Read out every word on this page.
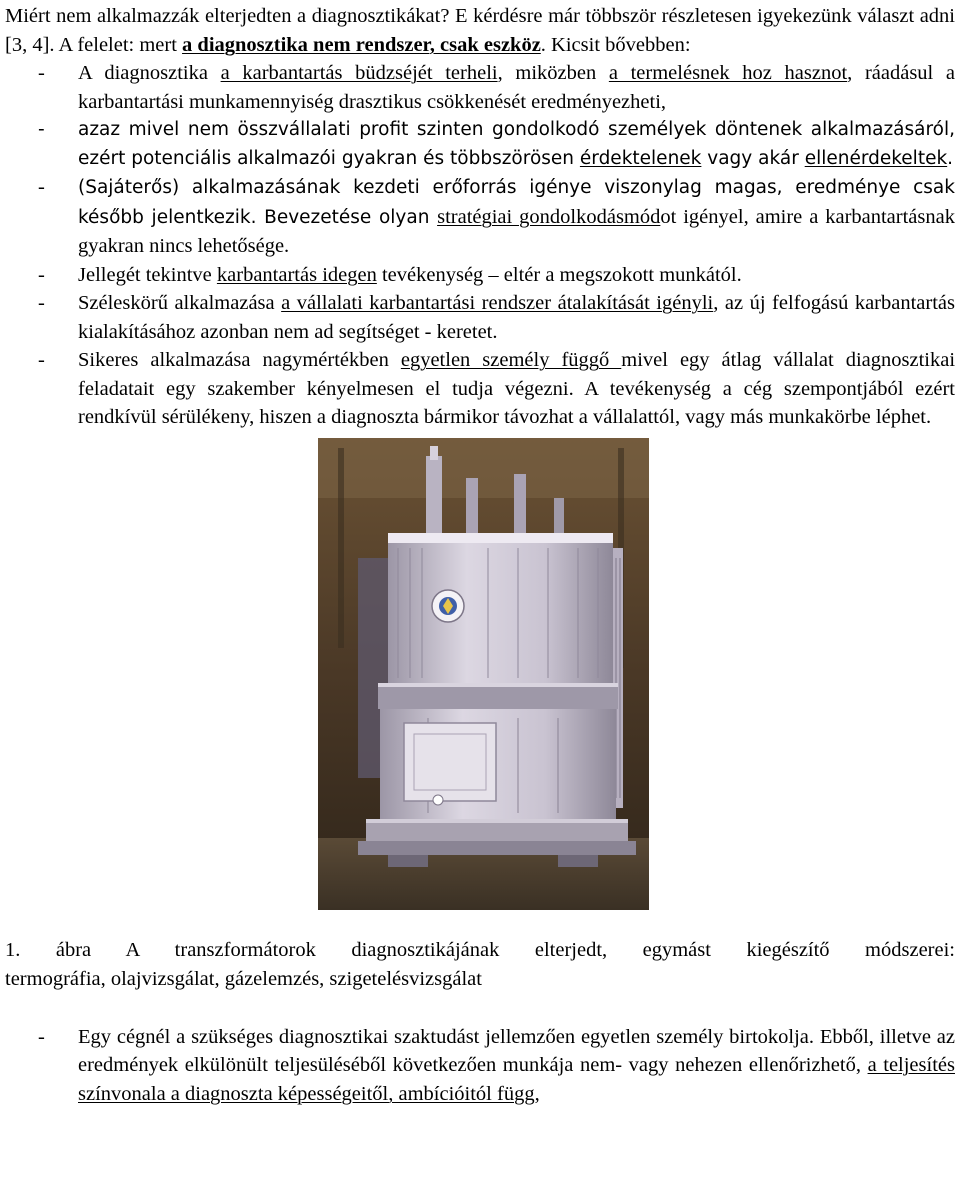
Miért nem alkalmazzák elterjedten a diagnosztikákat? E kérdésre már többször részletesen igyekezünk választ adni [3, 4]. A felelet: mert a diagnosztika nem rendszer, csak eszköz. Kicsit bővebben:

- A diagnosztika a karbantartás büdzséjét terheli, miközben a termelésnek hoz hasznot, ráadásul a karbantartási munkamennyiség drasztikus csökkenését eredményezheti,

- azaz mivel nem összvállalati profit szinten gondolkodó személyek döntenek alkalmazásáról, ezért potenciális alkalmazói gyakran és többszörösen érdektelenek vagy akár ellenérdekeltek.

- (Sajáterős) alkalmazásának kezdeti erőforrás igénye viszonylag magas, eredménye csak később jelentkezik. Bevezetése olyan stratégiai gondolkodásmódot igényel, amire a karbantartásnak gyakran nincs lehetősége.

- Jellegét tekintve karbantartás idegen tevékenység – eltér a megszokott munkától.

- Széleskörű alkalmazása a vállalati karbantartási rendszer átalakítását igényli, az új felfogású karbantartás kialakításához azonban nem ad segítséget - keretet.

- Sikeres alkalmazása nagymértékben egyetlen személy függő mivel egy átlag vállalat diagnosztikai feladatait egy szakember kényelmesen el tudja végezni. A tevékenység a cég szempontjából ezért rendkívül sérülékeny, hiszen a diagnoszta bármikor távozhat a vállalattól, vagy más munkakörbe léphet.

1. ábra A transzformátorok diagnosztikájának elterjedt, egymást kiegészítő módszerei:
termográfia, olajvizsgálat, gázelemzés, szigetelésvizsgálat

- Egy cégnél a szükséges diagnosztikai szaktudást jellemzően egyetlen személy birtokolja. Ebből, illetve az eredmények elkülönült teljesüléséből következően munkája nem- vagy nehezen ellenőrizhető, a teljesítés színvonala a diagnoszta képességeitől, ambícióitól függ,
